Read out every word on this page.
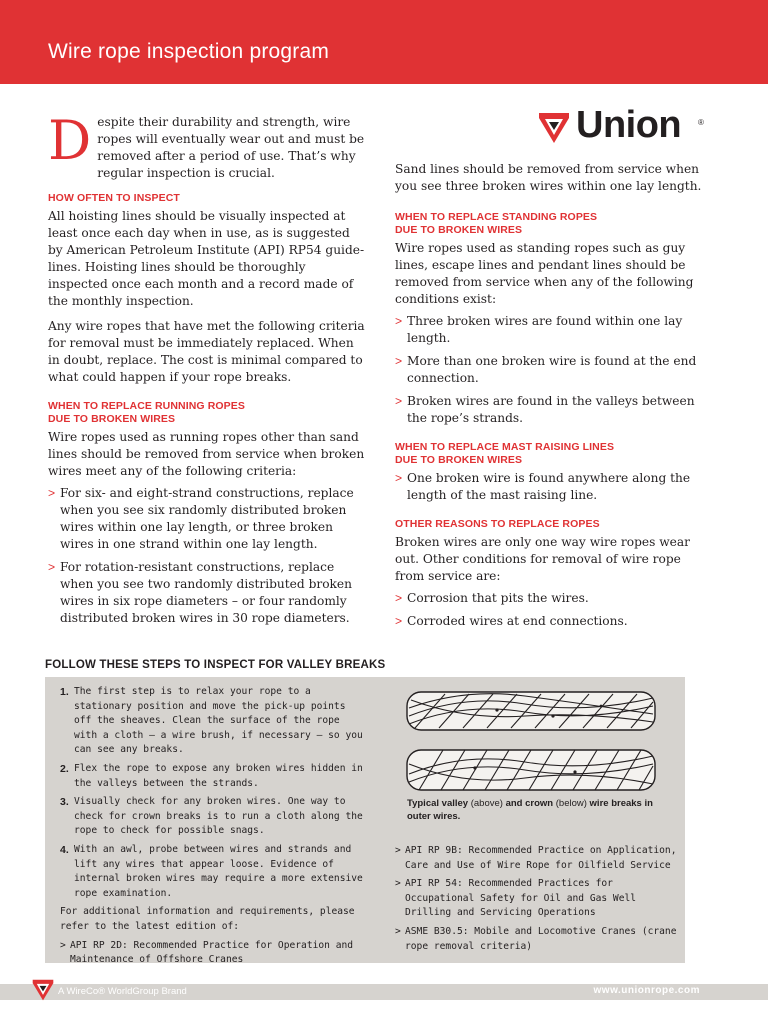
Wire rope inspection program
Union ®

Despite their durability and strength, wire ropes will eventually wear out and must be removed after a period of use. That’s why regular inspection is crucial.

HOW OFTEN TO INSPECT

All hoisting lines should be visually inspected at least once each day when in use, as is suggested by American Petroleum Institute (API) RP54 guide-lines. Hoisting lines should be thoroughly inspected once each month and a record made of the monthly inspection.

Any wire ropes that have met the following criteria for removal must be immediately replaced. When in doubt, replace. The cost is minimal compared to what could happen if your rope breaks.

WHEN TO REPLACE RUNNING ROPES
DUE TO BROKEN WIRES

Wire ropes used as running ropes other than sand lines should be removed from service when broken wires meet any of the following criteria:

> For six- and eight-strand constructions, replace when you see six randomly distributed broken wires within one lay length, or three broken wires in one strand within one lay length.
> For rotation-resistant constructions, replace when you see two randomly distributed broken wires in six rope diameters – or four randomly distributed broken wires in 30 rope diameters.

Sand lines should be removed from service when you see three broken wires within one lay length.

WHEN TO REPLACE STANDING ROPES
DUE TO BROKEN WIRES

Wire ropes used as standing ropes such as guy lines, escape lines and pendant lines should be removed from service when any of the following conditions exist:

> Three broken wires are found within one lay length.
> More than one broken wire is found at the end connection.
> Broken wires are found in the valleys between the rope’s strands.
WHEN TO REPLACE MAST RAISING LINES
DUE TO BROKEN WIRES
> One broken wire is found anywhere along the length of the mast raising line.
OTHER REASONS TO REPLACE ROPES

Broken wires are only one way wire ropes wear out. Other conditions for removal of wire rope from service are:

> Corrosion that pits the wires.
> Corroded wires at end connections.
FOLLOW THESE STEPS TO INSPECT FOR VALLEY BREAKS
1. The first step is to relax your rope to a stationary position and move the pick-up points off the sheaves. Clean the surface of the rope with a cloth – a wire brush, if necessary – so you can see any breaks.
2. Flex the rope to expose any broken wires hidden in the valleys between the strands.
3. Visually check for any broken wires. One way to check for crown breaks is to run a cloth along the rope to check for possible snags.
4. With an awl, probe between wires and strands and lift any wires that appear loose. Evidence of internal broken wires may require a more extensive rope examination.

For additional information and requirements, please refer to the latest edition of:

> API RP 2D: Recommended Practice for Operation and Maintenance of Offshore Cranes
Typical valley (above) and crown (below) wire breaks in outer wires.
> API RP 9B: Recommended Practice on Application, Care and Use of Wire Rope for Oilfield Service
> API RP 54: Recommended Practices for Occupational Safety for Oil and Gas Well Drilling and Servicing Operations
> ASME B30.5: Mobile and Locomotive Cranes (crane rope removal criteria)
A WireCo® WorldGroup Brand	www.unionrope.com
